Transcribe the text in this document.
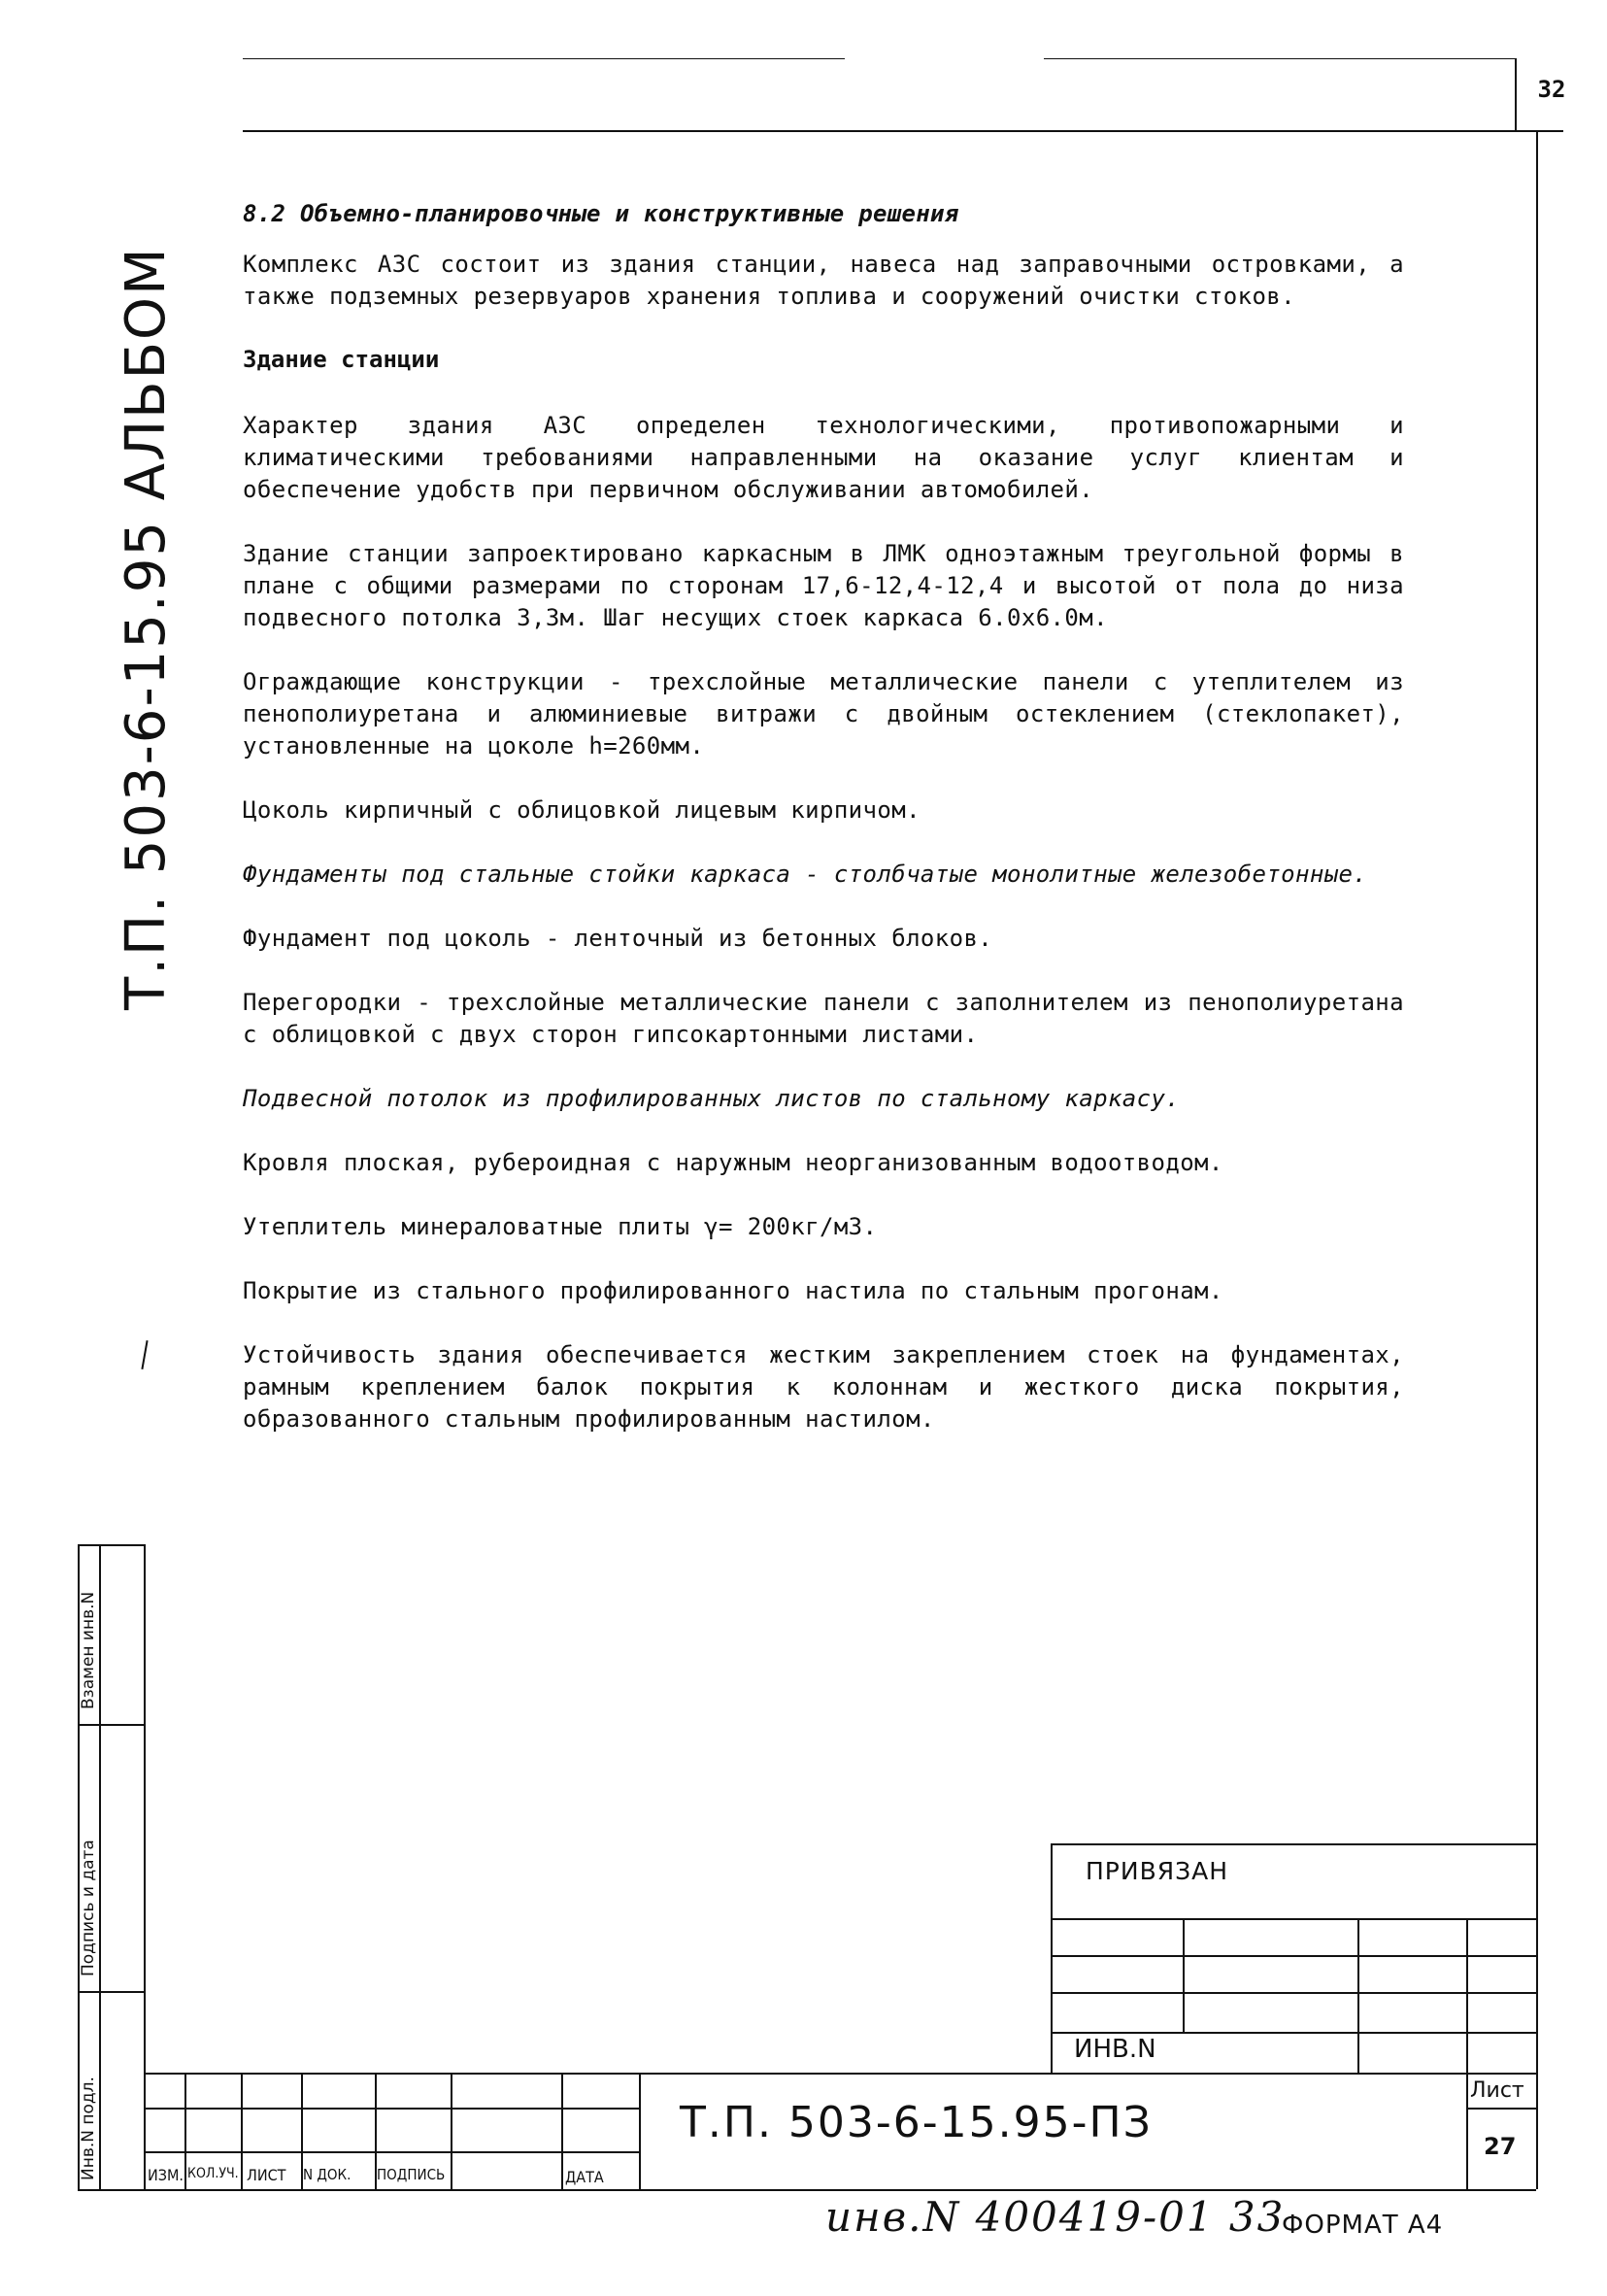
32
Т.П. 503-6-15.95 АЛЬБОМ
8.2 Объемно-планировочные и конструктивные решения

Комплекс АЗС состоит из здания станции, навеса над заправочными островками, а также подземных резервуаров хранения топлива и сооружений очистки стоков.

Здание станции

Характер здания АЗС определен технологическими, противопожарными и климатическими требованиями направленными на оказание услуг клиентам и обеспечение удобств при первичном обслуживании автомобилей.

Здание станции запроектировано каркасным в ЛМК одноэтажным треугольной формы в плане с общими размерами по сторонам 17,6-12,4-12,4 и высотой от пола до низа подвесного потолка 3,3м. Шаг несущих стоек каркаса 6.0х6.0м.

Ограждающие конструкции - трехслойные металлические панели с утеплителем из пенополиуретана и алюминиевые витражи с двойным остеклением (стеклопакет), установленные на цоколе h=260мм.

Цоколь кирпичный с облицовкой лицевым кирпичом.

Фундаменты под стальные стойки каркаса - столбчатые монолитные железобетонные.

Фундамент под цоколь - ленточный из бетонных блоков.

Перегородки - трехслойные металлические панели с заполнителем из пенополиуретана с облицовкой с двух сторон гипсокартонными листами.

Подвесной потолок из профилированных листов по стальному каркасу.

Кровля плоская, рубероидная с наружным неорганизованным водоотводом.

Утеплитель минераловатные плиты γ= 200кг/м3.

Покрытие из стального профилированного настила по стальным прогонам.

Устойчивость здания обеспечивается жестким закреплением стоек на фундаментах, рамным креплением балок покрытия к колоннам и жесткого диска покрытия, образованного стальным профилированным настилом.

Взамен инв.N
Подпись и дата
Инв.N подл.
ПРИВЯЗАН
ИНВ.N
ИЗМ. КОЛ.УЧ. ЛИСТ N ДОК. ПОДПИСЬ	ДАТА
Т.П. 503-6-15.95-ПЗ
Лист
27
инв.N 400419-01 33
ФОРМАТ А4
